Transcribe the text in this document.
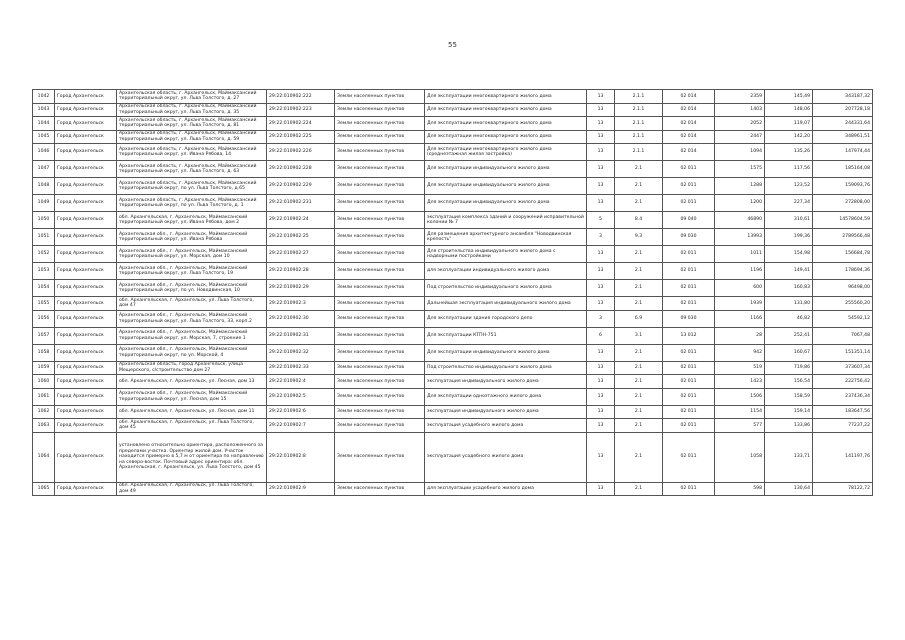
55
1042	Город Архангельск	Архангельская область, г. Архангельск, Маймаксанский территориальный округ, ул. Льва Толстого, д. 27	29:22:010902:222	Земли населенных пунктов	Для эксплуатации многоквартирного жилого дома	13	2.1.1	02 014	2359	145,49	343187,32
1043	Город Архангельск	Архангельская область, г. Архангельск, Маймаксанский территориальный округ, ул. Льва Толстого, д. 35	29:22:010902:223	Земли населенных пунктов	Для эксплуатации многоквартирного жилого дома	13	2.1.1	02 014	1403	148,06	207728,18
1044	Город Архангельск	Архангельская область, г. Архангельск, Маймаксанский территориальный округ, ул. Льва Толстого, д. 81	29:22:010902:224	Земли населенных пунктов	Для эксплуатации многоквартирного жилого дома	13	2.1.1	02 014	2052	119,07	244331,64
1045	Город Архангельск	Архангельская область, г. Архангельск, Маймаксанский территориальный округ, ул. Льва Толстого, д. 59	29:22:010902:225	Земли населенных пунктов	Для эксплуатации многоквартирного жилого дома	13	2.1.1	02 014	2447	142,20	348961,51
1046	Город Архангельск	Архангельская область, г. Архангельск, Маймаксанский территориальный округ, ул. Ивана Рябова, 14	29:22:010902:226	Земли населенных пунктов	Для эксплуатации многоквартирного жилого дома (среднеэтажная жилая застройка)	13	2.1.1	02 014	1094	135,26	147974,44
1047	Город Архангельск	Архангельская область, г. Архангельск, Маймаксанский территориальный округ, ул. Льва Толстого, д. 63	29:22:010902:228	Земли населенных пунктов	Для эксплуатации индивидуального жилого дома	13	2.1	02 011	1575	117,56	185164,08
1048	Город Архангельск	Архангельская область, г. Архангельск, Маймаксанский территориальный округ, по ул. Льва Толстого, д.65	29:22:010902:229	Земли населенных пунктов	Для эксплуатации индивидуального жилого дома	13	2.1	02 011	1288	123,52	159093,76
1049	Город Архангельск	Архангельская область, г. Архангельск, Маймаксанский территориальный округ, по ул. Льва Толстого, д. 1	29:22:010902:231	Земли населенных пунктов	Для эксплуатации индивидуального жилого дома	13	2.1	02 011	1200	227,34	272808,00
1050	Город Архангельск	обл. Архангельская, г. Архангельск, Маймаксанский территориальный округ, ул. Ивана Рябова, дом 2	29:22:010902:24	Земли населенных пунктов	эксплуатация комплекса зданий и сооружений исправительной колонии № 7	5	8.4	09 040	46890	310,61	14578604,59
1051	Город Архангельск	Архангельская обл., г. Архангельск, Маймаксанский территориальный округ, ул. Ивана Рябова	29:22:010902:25	Земли населенных пунктов	Для размещения архитектурного ансамбля "Новодвинская крепость"	3	9.3	09 030	13993	199,36	2789566,48
1052	Город Архангельск	Архангельская обл., г. Архангельск, Маймаксанский территориальный округ, ул. Морская, дом 10	29:22:010902:27	Земли населенных пунктов	Для строительства индивидуального жилого дома с надворными постройками	13	2.1	02 011	1011	154,98	156684,78
1053	Город Архангельск	Архангельская обл., г. Архангельск, Маймаксанский территориальный округ, ул. Льва Толстого, 19	29:22:010902:28	Земли населенных пунктов	для эксплуатации индивидуального жилого дома	13	2.1	02 011	1196	149,41	178694,36
1054	Город Архангельск	Архангельская обл., г. Архангельск, Маймаксанский территориальный округ, по ул. Новодвинская, 10	29:22:010902:29	Земли населенных пунктов	Под строительство индивидуального жилого дома	13	2.1	02 011	600	160,83	96498,00
1055	Город Архангельск	обл. Архангельская, г. Архангельск, ул. Льва Толстого, дом 47	29:22:010902:3	Земли населенных пунктов	Дальнейшая эксплуатация индивидуального жилого дома	13	2.1	02 011	1939	131,80	255560,20
1056	Город Архангельск	Архангельская обл., г. Архангельск, Маймаксанский территориальный округ, ул. Льва Толстого, 33, корп.2	29:22:010902:30	Земли населенных пунктов	Для эксплуатации здания городского депо	3	6.9	09 030	1166	46,82	54592,12
1057	Город Архангельск	Архангельская обл., г. Архангельск, Маймаксанский территориальный округ, ул. Морская, 7, строение 1	29:22:010902:31	Земли населенных пунктов	Для эксплуатации КТПН-751	6	3.1	13 012	28	252,41	7067,48
1058	Город Архангельск	Архангельская обл., г. Архангельск, Маймаксанский территориальный округ, по ул. Морской, 4	29:22:010902:32	Земли населенных пунктов	Для эксплуатации индивидуального жилого дома	13	2.1	02 011	942	160,67	151351,14
1059	Город Архангельск	Архангельская область, город Архангельск, улица Мещерского, с/строительство дом 27	29:22:010902:33	Земли населенных пунктов	Под строительство индивидуального жилого дома	13	2.1	02 011	519	719,86	373607,34
1060	Город Архангельск	обл. Архангельская, г. Архангельск, ул. Лесная, дом 13	29:22:010902:4	Земли населенных пунктов	эксплуатация индивидуального жилого дома	13	2.1	02 011	1423	156,54	222756,42
1061	Город Архангельск	Архангельская обл., г. Архангельск, Маймаксанский территориальный округ, ул. Лесная, дом 15	29:22:010902:5	Земли населенных пунктов	Для эксплуатации одноэтажного жилого дома	13	2.1	02 011	1506	158,59	237436,34
1062	Город Архангельск	обл. Архангельская, г. Архангельск, ул. Лесная, дом 11	29:22:010902:6	Земли населенных пунктов	эксплуатация индивидуального жилого дома	13	2.1	02 011	1154	159,14	183647,56
1063	Город Архангельск	обл. Архангельская, г. Архангельск, ул. Льва Толстого, дом 45	29:22:010902:7	Земли населенных пунктов	эксплуатация усадебного жилого дома	13	2.1	02 011	577	133,86	77237,22
1064	Город Архангельск	установлено относительно ориентира, расположенного за пределами участка. Ориентир жилой дом. Участок находится примерно в 5,7 м от ориентира по направлению на северо-восток. Почтовый адрес ориентира: обл. Архангельская, г. Архангельск, ул. Льва Толстого, дом 45	29:22:010902:8	Земли населенных пунктов	эксплуатация усадебного жилого дома	13	2.1	02 011	1058	133,71	141197,76
1065	Город Архангельск	обл. Архангельская, г. Архангельск, ул. Льва Толстого, дом 49	29:22:010902:9	Земли населенных пунктов	для эксплуатации усадебного жилого дома	13	2.1	02 011	598	130,64	78122,72
